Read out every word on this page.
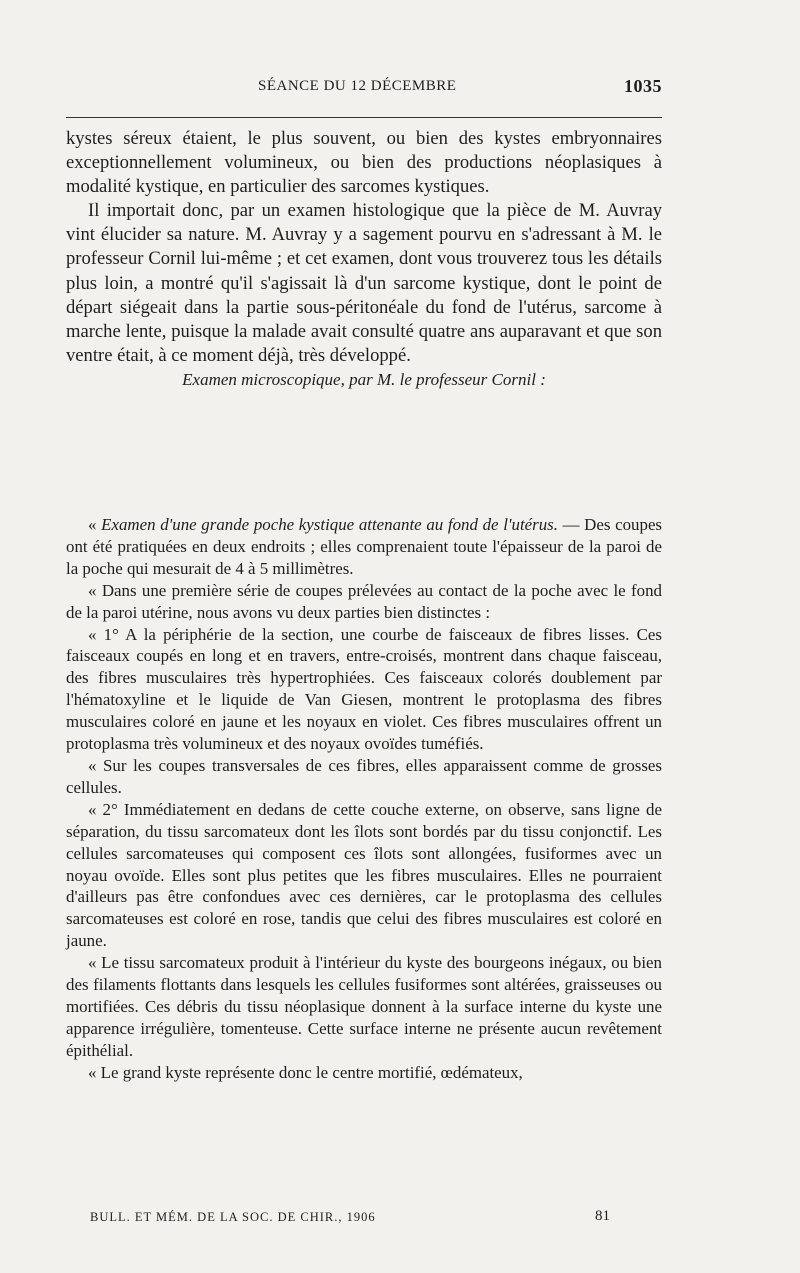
SÉANCE DU 12 DÉCEMBRE	1035

kystes séreux étaient, le plus souvent, ou bien des kystes embryonnaires exceptionnellement volumineux, ou bien des productions néoplasiques à modalité kystique, en particulier des sarcomes kystiques.

Il importait donc, par un examen histologique que la pièce de M. Auvray vint élucider sa nature. M. Auvray y a sagement pourvu en s'adressant à M. le professeur Cornil lui-même ; et cet examen, dont vous trouverez tous les détails plus loin, a montré qu'il s'agissait là d'un sarcome kystique, dont le point de départ siégeait dans la partie sous-péritonéale du fond de l'utérus, sarcome à marche lente, puisque la malade avait consulté quatre ans auparavant et que son ventre était, à ce moment déjà, très développé.

Examen microscopique, par M. le professeur Cornil :

« Examen d'une grande poche kystique attenante au fond de l'utérus. — Des coupes ont été pratiquées en deux endroits ; elles comprenaient toute l'épaisseur de la paroi de la poche qui mesurait de 4 à 5 millimètres.

« Dans une première série de coupes prélevées au contact de la poche avec le fond de la paroi utérine, nous avons vu deux parties bien distinctes :

« 1° A la périphérie de la section, une courbe de faisceaux de fibres lisses. Ces faisceaux coupés en long et en travers, entre-croisés, montrent dans chaque faisceau, des fibres musculaires très hypertrophiées. Ces faisceaux colorés doublement par l'hématoxyline et le liquide de Van Giesen, montrent le protoplasma des fibres musculaires coloré en jaune et les noyaux en violet. Ces fibres musculaires offrent un protoplasma très volumineux et des noyaux ovoïdes tuméfiés.

« Sur les coupes transversales de ces fibres, elles apparaissent comme de grosses cellules.

« 2° Immédiatement en dedans de cette couche externe, on observe, sans ligne de séparation, du tissu sarcomateux dont les îlots sont bordés par du tissu conjonctif. Les cellules sarcomateuses qui composent ces îlots sont allongées, fusiformes avec un noyau ovoïde. Elles sont plus petites que les fibres musculaires. Elles ne pourraient d'ailleurs pas être confondues avec ces dernières, car le protoplasma des cellules sarcomateuses est coloré en rose, tandis que celui des fibres musculaires est coloré en jaune.

« Le tissu sarcomateux produit à l'intérieur du kyste des bourgeons inégaux, ou bien des filaments flottants dans lesquels les cellules fusiformes sont altérées, graisseuses ou mortifiées. Ces débris du tissu néoplasique donnent à la surface interne du kyste une apparence irrégulière, tomenteuse. Cette surface interne ne présente aucun revêtement épithélial.

« Le grand kyste représente donc le centre mortifié, œdémateux,

BULL. ET MÉM. DE LA SOC. DE CHIR., 1906	81
